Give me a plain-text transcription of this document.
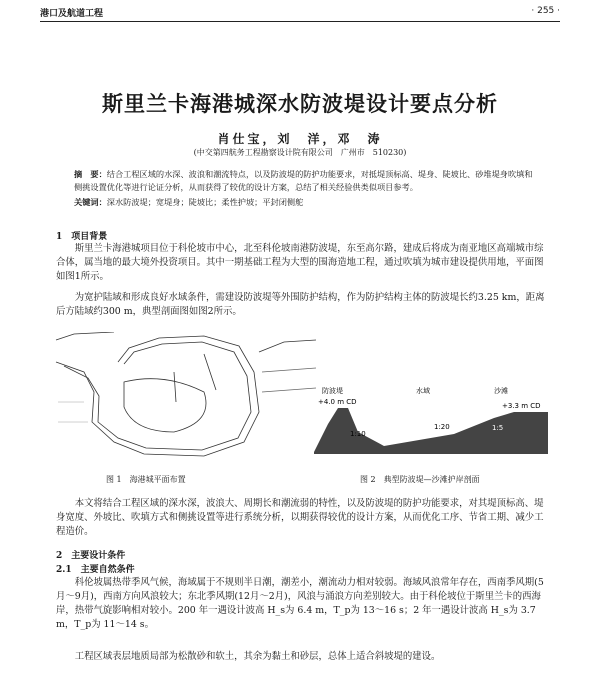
港口及航道工程	· 255 ·
斯里兰卡海港城深水防波堤设计要点分析
肖仕宝，刘　洋，邓　涛
(中交第四航务工程勘察设计院有限公司　广州市　510230)
摘　要：结合工程区域的水深、波浪和潮流特点，以及防波堤的防护功能要求，对抵堤顶标高、堤身、陡坡比、砂堆堤身吹填和侧挑设置优化等进行论证分析，从而获得了较优的设计方案，总结了相关经验供类似项目参考。
关键词：深水防波堤；宽堤身；陡坡比；柔性护坡；平封闭侧舵
1　项目背景
斯里兰卡海港城项目位于科伦坡市中心，北至科伦坡南港防波堤，东至高尔路，建成后将成为南亚地区高端城市综合体，属当地的最大境外投资项目。其中一期基础工程为大型的围海造地工程，通过吹填为城市建设提供用地，平面图如图1所示。
为宽护陆域和形成良好水域条件，需建设防波堤等外围防护结构，作为防护结构主体的防波堤长约3.25 km，距离后方陆域约300 m，典型剖面图如图2所示。
防波堤	水域	沙滩
+4.0 m CD	+3.3 m CD
1:10
1:20	1:5
图 1　海港城平面布置	图 2　典型防波堤—沙滩护岸剖面
本文将结合工程区域的深水深，波浪大、周期长和潮流弱的特性，以及防波堤的防护功能要求，对其堤顶标高、堤身宽度、外坡比、吹填方式和侧挑设置等进行系统分析，以期获得较优的设计方案，从而优化工序、节省工期、减少工程造价。
2　主要设计条件
2.1　主要自然条件
科伦坡属热带季风气候，海域属于不规则半日潮，潮差小，潮流动力相对较弱。海域风浪常年存在，西南季风期(5月～9月)，西南方向风浪较大；东北季风期(12月～2月)，风浪与涌浪方向差别较大。由于科伦坡位于斯里兰卡的西海岸，热带气旋影响相对较小。200 年一遇设计波高 H_s为 6.4 m，T_p为 13～16 s；2 年一遇设计波高 H_s为 3.7 m，T_p为 11～14 s。
工程区域表层地质局部为松散砂和软土，其余为黏土和砂层，总体上适合斜坡堤的建设。
